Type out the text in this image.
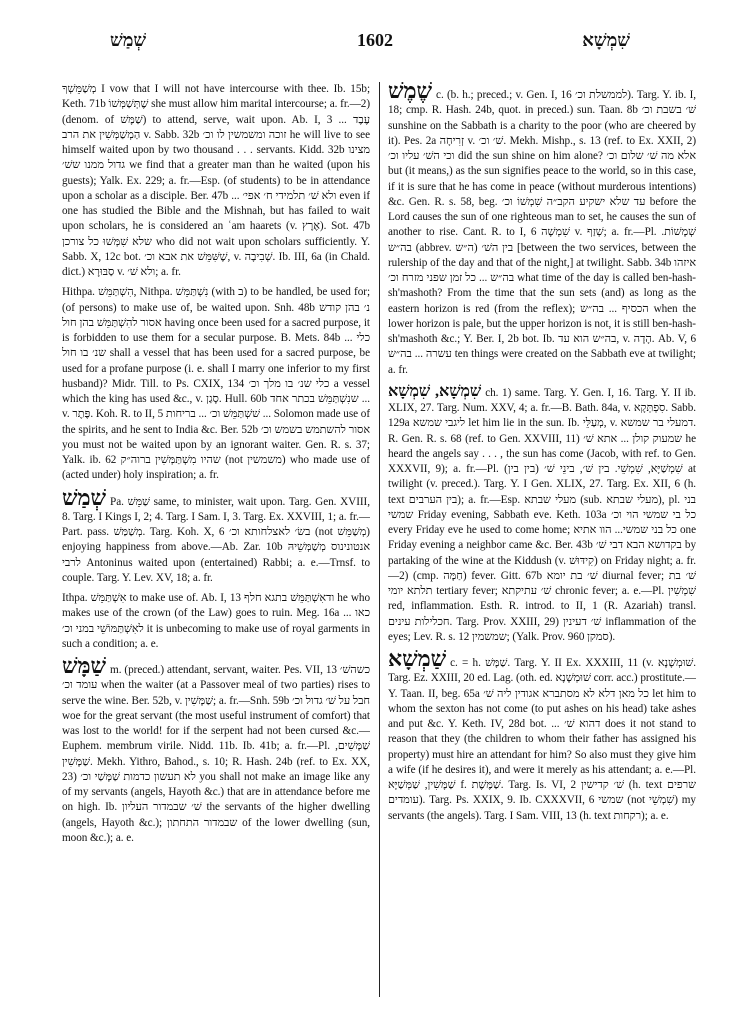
שְׁמַשׁ	1602	שִׁמְשָׁא

מְשַׁמֵּשְׁךָ I vow that I will not have intercourse with thee. Ib. 15b; Keth. 71b שֶׁתְּשַׁמְּשׁוֹ she must allow him marital intercourse; a. fr.—2) (denom. of שַׁמָּשׁ) to attend, serve, wait upon. Ab. I, 3 עֶבֶד ... הַמְשַׁמְּשִׁין את הרב v. Sabb. 32b זוכה ומשמשין לו וכ׳ he will live to see himself waited upon by two thousand . . . servants. Kidd. 32b מצינו גדול ממנו ששׁ׳ we find that a greater man than he waited (upon his guests); Yalk. Ex. 229; a. fr.—Esp. (of students) to be in attendance upon a scholar as a disciple. Ber. 47b ... ולא שׁ׳ תלמידי ח׳ אפי׳ even if one has studied the Bible and the Mishnah, but has failed to wait upon scholars, he is considered an ʿam haarets (v. אֶרֶץ). Sot. 47b שלא שִׁמְּשׁוּ כל צורכן who did not wait upon scholars sufficiently. Y. Sabb. X, 12c bot. שֶׁשִּׁמֵּשׁ את אבא וכ׳, v. שְׁבִיבָה. Ib. III, 6a (in Chald. dict.) סַבּוּרָא v. ולא שׁ׳; a. fr.

Hithpa. הִשְׁתַּמֵּשׁ, Nithpa. נִשְׁתַּמֵּשׁ (with ב) to be handled, be used for; (of persons) to make use of, be waited upon. Snh. 48b נ׳ בהן קודש אסור להִשְׁתַּמֵּשׁ בהן חול having once been used for a sacred purpose, it is forbidden to use them for a secular purpose. B. Mets. 84b ... כלי שנ׳ בו חול shall a vessel that has been used for a sacred purpose, be used for a profane purpose (i. e. shall I marry one inferior to my first husband)? Midr. Till. to Ps. CXIX, 134 כלי שנ׳ בו מלך וכ׳ a vessel which the king has used &c., v. סָגַן. Hull. 60b שנִשְׁתַּמֵּשׁ בכתר אחד ... v. פֶּתֶר. Koh. R. to II, 5 שׁשְׁתַּמֵּשׁ וכ׳ ... בריחות ... Solomon made use of the spirits, and he sent to India &c. Ber. 52b אסור להשתמש בשמש וכ׳ you must not be waited upon by an ignorant waiter. Gen. R. s. 37; Yalk. ib. 62 שהיו מִשְׁתַּמְּשִׁין ברוה״ק (not משמשין) who made use of (acted under) holy inspiration; a. fr.

שְׁמַשׁ Pa. שַׁמֵּשׁ same, to minister, wait upon. Targ. Gen. XVIII, 8. Targ. I Kings I, 2; 4. Targ. I Sam. I, 3. Targ. Ex. XXVIII, 1; a. fr.—Part. pass. מְשַׁמַּשׁ. Targ. Koh. X, 6 בשׂ׳ לאצלחותא וכ׳ (not מְשַׁמֵּשׁ) enjoying happiness from above.—Ab. Zar. 10b אנטונינוס מְשַׁמְּשֵׁיהּ לרבי Antoninus waited upon (entertained) Rabbi; a. e.—Trnsf. to couple. Targ. Y. Lev. XV, 18; a. fr.

Ithpa. אִשְׁתַּמֵּשׁ to make use of. Ab. I, 13 ודאִשְׁתַּמֵּשׁ בתגא חלף he who makes use of the crown (of the Law) goes to ruin. Meg. 16a כאו ... לאִשְׁתַּמּוֹשֵׁי במני וכ׳ it is unbecoming to make use of royal garments in such a condition; a. e.

שַׁמָּשׁ m. (preced.) attendant, servant, waiter. Pes. VII, 13 כשהשׁ׳ עומד וכ׳ when the waiter (at a Passover meal of two parties) rises to serve the wine. Ber. 52b, v. שַׁמָּשִׁין; a. fr.—Snh. 59b חבל על שׁ׳ גדול וכ׳ woe for the great servant (the most useful instrument of comfort) that was lost to the world! for if the serpent had not been cursed &c.—Euphem. membrum virile. Nidd. 11b. Ib. 41b; a. fr.—Pl. שַׁמָּשִׁים, שַׁמָּשִׁין. Mekh. Yithro, Bahod., s. 10; R. Hash. 24b (ref. to Ex. XX, 23) לא תעשון כדמות שַׁמָּשַׁי וכ׳ you shall not make an image like any of my servants (angels, Hayoth &c.) that are in attendance before me on high. Ib. שׁ׳ שבמדור העליון the servants of the higher dwelling (angels, Hayoth &c.); שבמדור התחתון of the lower dwelling (sun, moon &c.); a. e.

שֶׁמֶשׁ c. (b. h.; preced.; v. Gen. I, 16 לממשלת וכ׳). Targ. Y. ib. I, 18; cmp. R. Hash. 24b, quot. in preced.) sun. Taan. 8b שׁ׳ בשבת וכ׳ sunshine on the Sabbath is a charity to the poor (who are cheered by it). Pes. 2a זְרִיחָה v. שׁ׳ וכ׳. Mekh. Mishp., s. 13 (ref. to Ex. XXII, 2) וכי השׁ׳ עליו וכ׳ did the sun shine on him alone? אלא מה שׁ׳ שלום וכ׳ but (it means,) as the sun signifies peace to the world, so in this case, if it is sure that he has come in peace (without murderous intentions) &c. Gen. R. s. 58, beg. עד שלא ישקיע הקב״ה שִׁמְשׁוֹ וכ׳ before the Lord causes the sun of one righteous man to set, he causes the sun of another to rise. Cant. R. to I, 6 שִׁמְשָׁה v. שְׁזַף; a. fr.—Pl. שְׁמָשׁוֹת. בה״ש (abbrev. ה״ש) בין השׁ׳ [between the two services, between the rulership of the day and that of the night,] at twilight. Sabb. 34b איזהו בה״ש ... כל זמן שפני מזרח וכ׳ what time of the day is called ben-hash-sh'mashoth? From the time that the sun sets (and) as long as the eastern horizon is red (from the reflex); הכסיף ... בה״ש when the lower horizon is pale, but the upper horizon is not, it is still ben-hash-sh'mashoth &c.; Y. Ber. I, 2b bot. Ib. בה״ש הוא עד, v. הָדָה. Ab. V, 6 עשרה ... בה״ש ten things were created on the Sabbath eve at twilight; a. fr.

שִׁמְשָׁא, שִׁמְשָׁא ch. 1) same. Targ. Y. Gen. I, 16. Targ. Y. II ib. XLIX, 27. Targ. Num. XXV, 4; a. fr.—B. Bath. 84a, v. סִפְתְּקָא. Sabb. 129a ליגבי שמשא let him lie in the sun. Ib. מְעַלֵּי, v. דמעלי בר שמשא. R. Gen. R. s. 68 (ref. to Gen. XXVIII, 11) שמעוק קולן ... אתא שׁ׳ he heard the angels say . . . , the sun has come (Jacob, with ref. to Gen. XXXVII, 9); a. fr.—Pl. שִׁמְשַׁיָּא, שִׁמְשֵׁי. בין שׁ׳, בינֵי שׁ׳ (בין בין) at twilight (v. preced.). Targ. Y. I Gen. XLIX, 27. Targ. Ex. XII, 6 (h. text בין הערבים); a. fr.—Esp. מעלי שבתא (sub. מעלי שבתא), pl. בני שמשי Friday evening, Sabbath eve. Keth. 103a כל בי שמשי הוי וכ׳ every Friday eve he used to come home; כל בני שמשי... הוו אתיא one Friday evening a neighbor came &c. Ber. 43b בקדושא הבא דבי שׁ׳ by partaking of the wine at the Kiddush (v. קִידּוּשׁ) on Friday night; a. fr.—2) (cmp. חַמָּה) fever. Gitt. 67b שׁ׳ בת יומא diurnal fever; שׁ׳ בת תלתא יומי tertiary fever; שׁ׳ עתיקתא chronic fever; a. e.—Pl. שִׁמְשִׁין red, inflammation. Esth. R. introd. to II, 1 (R. Azariah) transl. חכלילות עינים. Targ. Prov. XXIII, 29) שׁ׳ דעינין inflammation of the eyes; Lev. R. s. 12 שמשמין; (Yalk. Prov. 960 סמקן).

שַׁמְשָׁא c. = h. שַׁמָּשׁ. Targ. Y. II Ex. XXXIII, 11 (v. שׁוּמְשָׁנָא. Targ. Ez. XXIII, 20 ed. Lag. (oth. ed. שׁוּמְשָׁנָא corr. acc.) prostitute.—Y. Taan. II, beg. 65a כל מאן דלא לא מסתברא אגודין ליה שׁ׳ let him to whom the sexton has not come (to put ashes on his head) take ashes and put &c. Y. Keth. IV, 28d bot. ... דהוא שׁ׳ does it not stand to reason that they (the children to whom their father has assigned his property) must hire an attendant for him? So also must they give him a wife (if he desires it), and were it merely as his attendant; a. e.—Pl. שַׁמָּשִׁין, שַׁמְּשַׁיָּא f. שַׁמֶּשֶׁת. Targ. Is. VI, 2 שׁ׳ קדישין (h. text שרפים עומדים). Targ. Ps. XXIX, 9. Ib. CXXXVII, 6 שמשי (not שִׁמְשֵׁי) my servants (the angels). Targ. I Sam. VIII, 13 (h. text רקחות); a. e.
